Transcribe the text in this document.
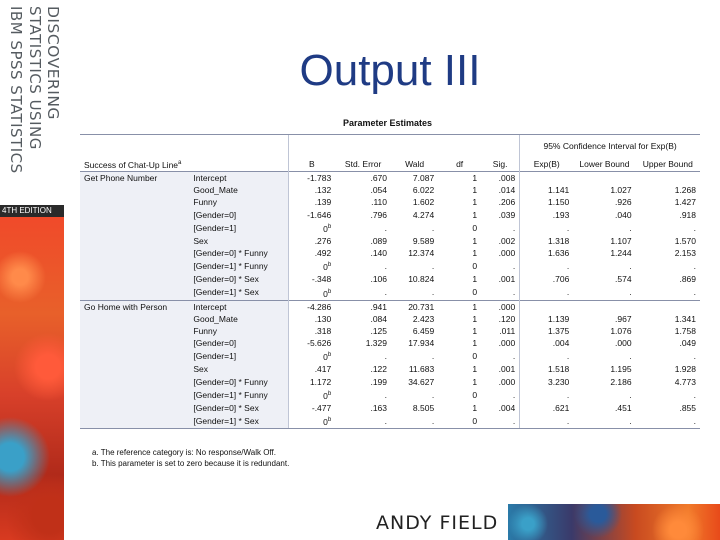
DISCOVERING
STATISTICS USING
IBM SPSS STATISTICS
4TH EDITION
Output III
Parameter Estimates
							95% Confidence Interval for Exp(B)		
Success of Chat-Up Line$^a$		B	Std. Error	Wald	df	Sig.	Exp(B)	Lower Bound	Upper Bound
Get Phone Number	Intercept	-1.783	.670	7.087	1	.008			
	Good_Mate	.132	.054	6.022	1	.014	1.141	1.027	1.268
	Funny	.139	.110	1.602	1	.206	1.150	.926	1.427
	[Gender=0]	-1.646	.796	4.274	1	.039	.193	.040	.918
	[Gender=1]	0$^b$	.	.	0	.	.	.	.
	Sex	.276	.089	9.589	1	.002	1.318	1.107	1.570
	[Gender=0] * Funny	.492	.140	12.374	1	.000	1.636	1.244	2.153
	[Gender=1] * Funny	0$^b$	.	.	0	.	.	.	.
	[Gender=0] * Sex	-.348	.106	10.824	1	.001	.706	.574	.869
	[Gender=1] * Sex	0$^b$	.	.	0	.	.	.	.
Go Home with Person	Intercept	-4.286	.941	20.731	1	.000			
	Good_Mate	.130	.084	2.423	1	.120	1.139	.967	1.341
	Funny	.318	.125	6.459	1	.011	1.375	1.076	1.758
	[Gender=0]	-5.626	1.329	17.934	1	.000	.004	.000	.049
	[Gender=1]	0$^b$	.	.	0	.	.	.	.
	Sex	.417	.122	11.683	1	.001	1.518	1.195	1.928
	[Gender=0] * Funny	1.172	.199	34.627	1	.000	3.230	2.186	4.773
	[Gender=1] * Funny	0$^b$	.	.	0	.	.	.	.
	[Gender=0] * Sex	-.477	.163	8.505	1	.004	.621	.451	.855
	[Gender=1] * Sex	0$^b$	.	.	0	.	.	.	.
a. The reference category is: No response/Walk Off.
b. This parameter is set to zero because it is redundant.
ANDY FIELD
